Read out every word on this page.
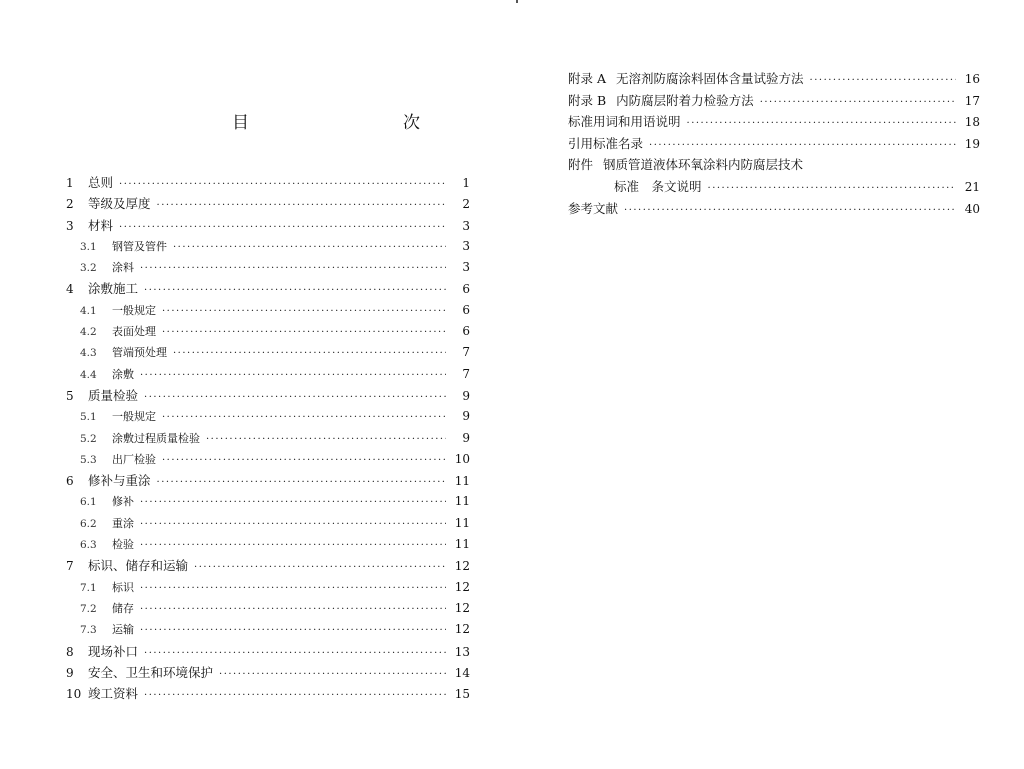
目　　次
1	总则 ·····	1
2	等级及厚度 ·····	2
3	材料 ·····	3
3.1	钢管及管件 ·····	3
3.2	涂料 ·····	3
4	涂敷施工 ·····	6
4.1	一般规定 ·····	6
4.2	表面处理 ·····	6
4.3	管端预处理 ·····	7
4.4	涂敷 ·····	7
5	质量检验 ·····	9
5.1	一般规定 ·····	9
5.2	涂敷过程质量检验 ·····	9
5.3	出厂检验 ·····	10
6	修补与重涂 ·····	11
6.1	修补 ·····	11
6.2	重涂 ·····	11
6.3	检验 ·····	11
7	标识、储存和运输 ·····	12
7.1	标识 ·····	12
7.2	储存 ·····	12
7.3	运输 ·····	12
8	现场补口 ·····	13
9	安全、卫生和环境保护 ·····	14
10 竣工资料 ·····	15
附录 A 无溶剂防腐涂料固体含量试验方法 ·····	16
附录 B 内防腐层附着力检验方法 ·····	17
标准用词和用语说明 ·····	18
引用标准名录 ·····	19
附件 钢质管道液体环氧涂料内防腐层技术
标准　条文说明 ·····	21
参考文献 ·····	40
